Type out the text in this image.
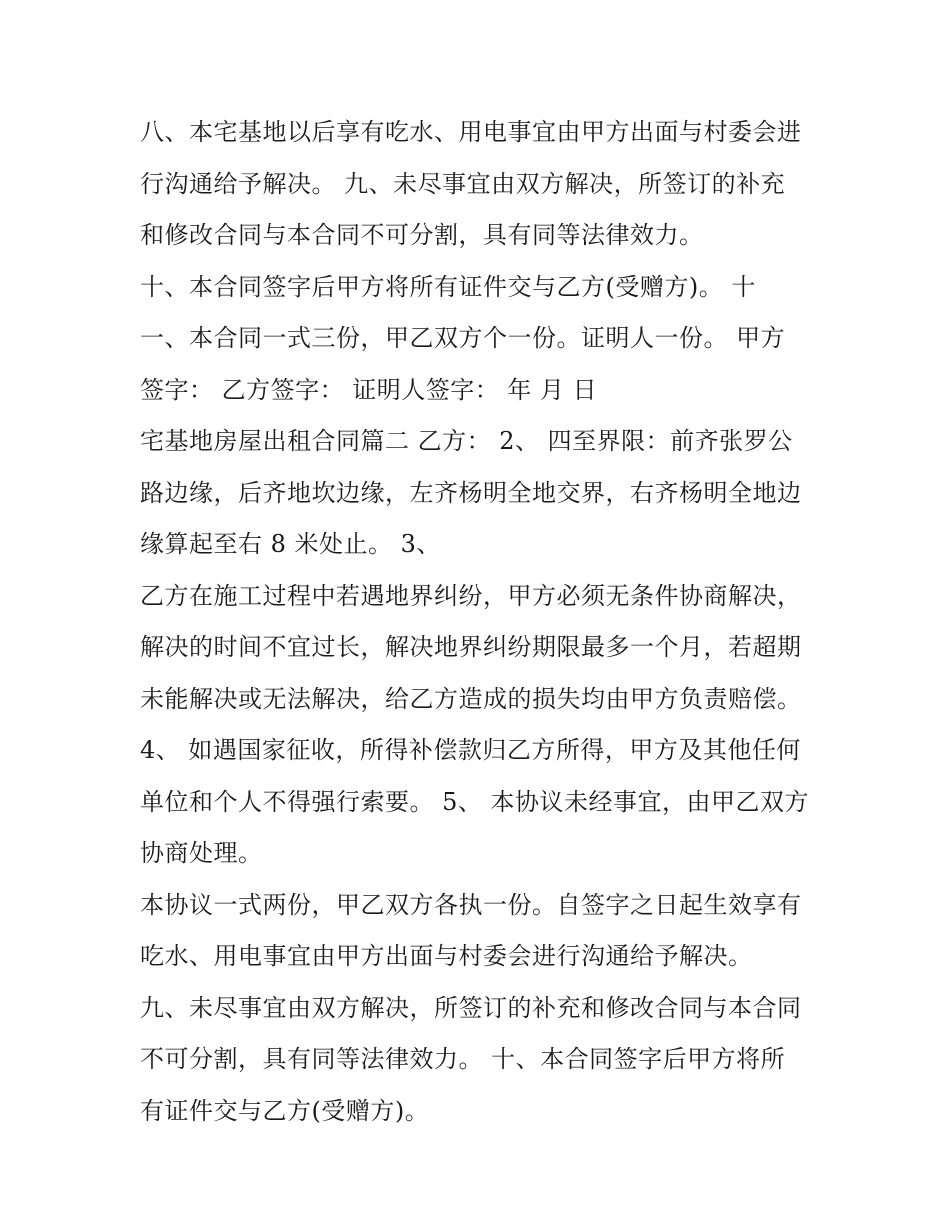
八、本宅基地以后享有吃水、用电事宜由甲方出面与村委会进
行沟通给予解决。 九、未尽事宜由双方解决，所签订的补充
和修改合同与本合同不可分割，具有同等法律效力。
十、本合同签字后甲方将所有证件交与乙方(受赠方)。 十
一、本合同一式三份，甲乙双方个一份。证明人一份。 甲方
签字： 乙方签字： 证明人签字： 年 月 日
宅基地房屋出租合同篇二 乙方： 2、 四至界限：前齐张罗公
路边缘，后齐地坎边缘，左齐杨明全地交界，右齐杨明全地边
缘算起至右 8 米处止。 3、
乙方在施工过程中若遇地界纠纷，甲方必须无条件协商解决，
解决的时间不宜过长，解决地界纠纷期限最多一个月，若超期
未能解决或无法解决，给乙方造成的损失均由甲方负责赔偿。
4、 如遇国家征收，所得补偿款归乙方所得，甲方及其他任何
单位和个人不得强行索要。 5、 本协议未经事宜，由甲乙双方
协商处理。
本协议一式两份，甲乙双方各执一份。自签字之日起生效享有
吃水、用电事宜由甲方出面与村委会进行沟通给予解决。
九、未尽事宜由双方解决，所签订的补充和修改合同与本合同
不可分割，具有同等法律效力。 十、本合同签字后甲方将所
有证件交与乙方(受赠方)。
